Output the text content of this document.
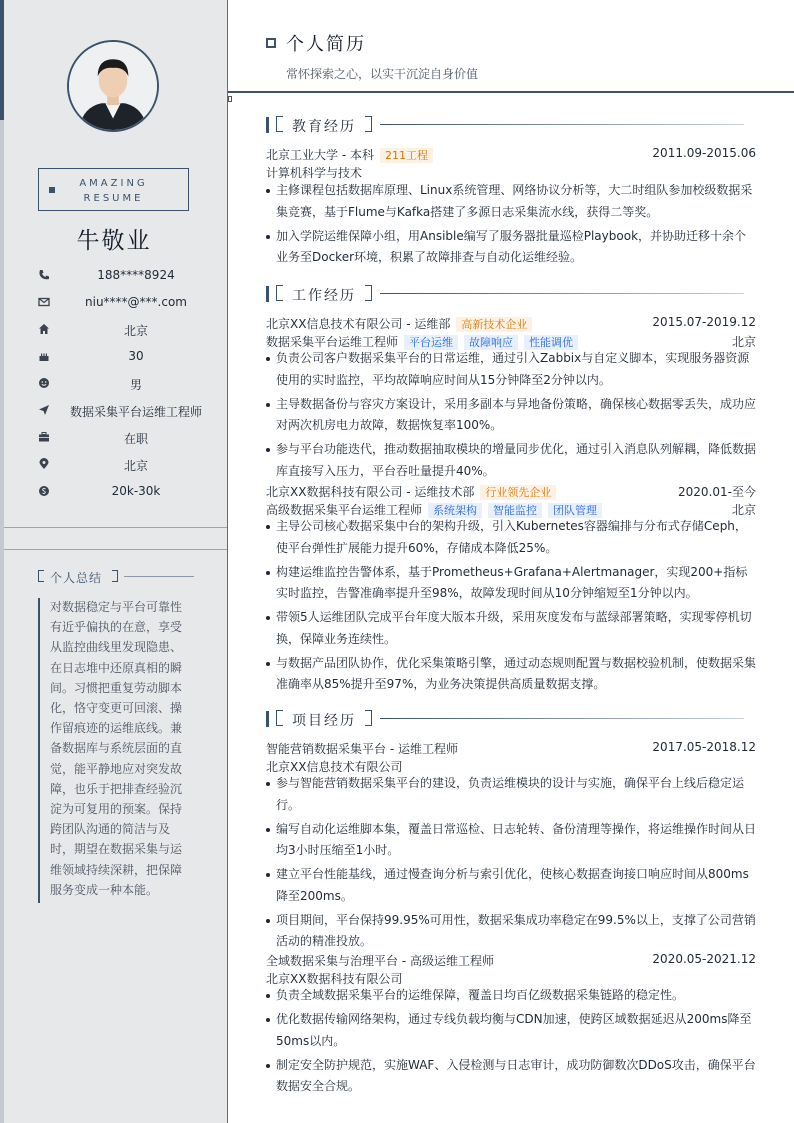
AMAZING
RESUME
牛敬业
188****8924
niu****@***.com
北京
30
男
数据采集平台运维工程师
在职
北京
20k-30k
个人总结
对数据稳定与平台可靠性有近乎偏执的在意，享受从监控曲线里发现隐患、在日志堆中还原真相的瞬间。习惯把重复劳动脚本化，恪守变更可回滚、操作留痕迹的运维底线。兼备数据库与系统层面的直觉，能平静地应对突发故障，也乐于把排查经验沉淀为可复用的预案。保持跨团队沟通的简洁与及时，期望在数据采集与运维领域持续深耕，把保障服务变成一种本能。
个人简历
常怀探索之心，以实干沉淀自身价值
教育经历
北京工业大学 - 本科 211工程	2011.09-2015.06
计算机科学与技术
主修课程包括数据库原理、Linux系统管理、网络协议分析等，大二时组队参加校级数据采集竞赛，基于Flume与Kafka搭建了多源日志采集流水线，获得二等奖。
加入学院运维保障小组，用Ansible编写了服务器批量巡检Playbook，并协助迁移十余个业务至Docker环境，积累了故障排查与自动化运维经验。
工作经历
北京XX信息技术有限公司 - 运维部 高新技术企业	2015.07-2019.12
数据采集平台运维工程师 平台运维 故障响应 性能调优	北京
负责公司客户数据采集平台的日常运维，通过引入Zabbix与自定义脚本，实现服务器资源使用的实时监控，平均故障响应时间从15分钟降至2分钟以内。
主导数据备份与容灾方案设计，采用多副本与异地备份策略，确保核心数据零丢失，成功应对两次机房电力故障，数据恢复率100%。
参与平台功能迭代，推动数据抽取模块的增量同步优化，通过引入消息队列解耦，降低数据库直接写入压力，平台吞吐量提升40%。
北京XX数据科技有限公司 - 运维技术部 行业领先企业	2020.01-至今
高级数据采集平台运维工程师 系统架构 智能监控 团队管理	北京
主导公司核心数据采集中台的架构升级，引入Kubernetes容器编排与分布式存储Ceph，使平台弹性扩展能力提升60%，存储成本降低25%。
构建运维监控告警体系，基于Prometheus+Grafana+Alertmanager，实现200+指标实时监控，告警准确率提升至98%，故障发现时间从10分钟缩短至1分钟以内。
带领5人运维团队完成平台年度大版本升级，采用灰度发布与蓝绿部署策略，实现零停机切换，保障业务连续性。
与数据产品团队协作，优化采集策略引擎，通过动态规则配置与数据校验机制，使数据采集准确率从85%提升至97%，为业务决策提供高质量数据支撑。
项目经历
智能营销数据采集平台 - 运维工程师	2017.05-2018.12
北京XX信息技术有限公司
参与智能营销数据采集平台的建设，负责运维模块的设计与实施，确保平台上线后稳定运行。
编写自动化运维脚本集，覆盖日常巡检、日志轮转、备份清理等操作，将运维操作时间从日均3小时压缩至1小时。
建立平台性能基线，通过慢查询分析与索引优化，使核心数据查询接口响应时间从800ms降至200ms。
项目期间，平台保持99.95%可用性，数据采集成功率稳定在99.5%以上，支撑了公司营销活动的精准投放。
全域数据采集与治理平台 - 高级运维工程师	2020.05-2021.12
北京XX数据科技有限公司
负责全域数据采集平台的运维保障，覆盖日均百亿级数据采集链路的稳定性。
优化数据传输网络架构，通过专线负载均衡与CDN加速，使跨区域数据延迟从200ms降至50ms以内。
制定安全防护规范，实施WAF、入侵检测与日志审计，成功防御数次DDoS攻击，确保平台数据安全合规。
